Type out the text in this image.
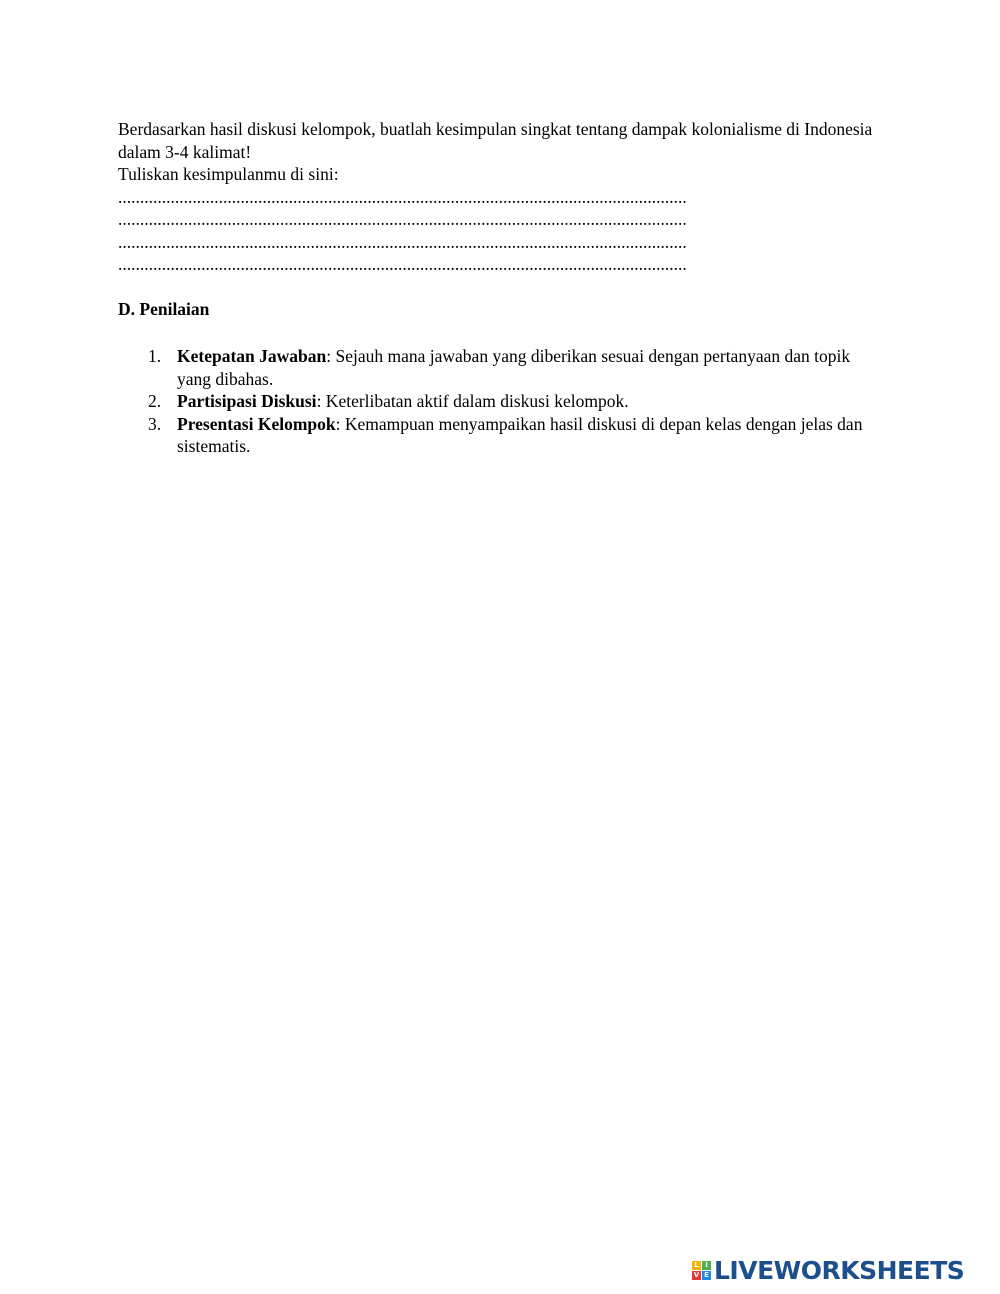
Berdasarkan hasil diskusi kelompok, buatlah kesimpulan singkat tentang dampak kolonialisme di Indonesia dalam 3-4 kalimat!

Tuliskan kesimpulanmu di sini:

..................................................................................................................................

..................................................................................................................................

..................................................................................................................................

..................................................................................................................................

D. Penilaian
1. Ketepatan Jawaban: Sejauh mana jawaban yang diberikan sesuai dengan pertanyaan dan topik yang dibahas.
2. Partisipasi Diskusi: Keterlibatan aktif dalam diskusi kelompok.
3. Presentasi Kelompok: Kemampuan menyampaikan hasil diskusi di depan kelas dengan jelas dan sistematis.
L I
V E LIVEWORKSHEETS
